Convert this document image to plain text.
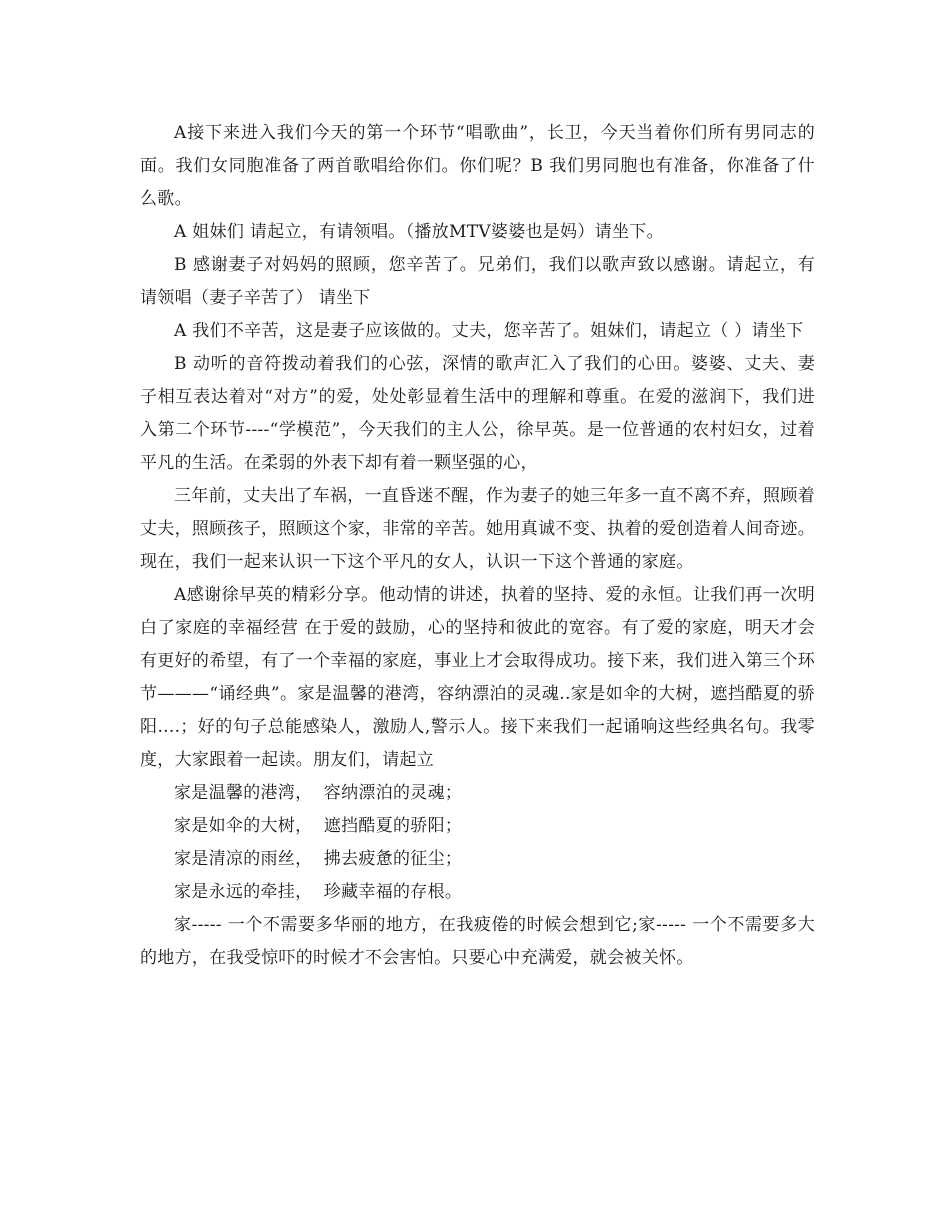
A接下来进入我们今天的第一个环节“唱歌曲”，长卫，今天当着你们所有男同志的面。我们女同胞准备了两首歌唱给你们。你们呢？B 我们男同胞也有准备，你准备了什么歌。

A 姐妹们 请起立，有请领唱。（播放MTV婆婆也是妈）请坐下。

B 感谢妻子对妈妈的照顾，您辛苦了。兄弟们，我们以歌声致以感谢。请起立，有请领唱（妻子辛苦了） 请坐下

A 我们不辛苦，这是妻子应该做的。丈夫，您辛苦了。姐妹们，请起立（ ）请坐下

B 动听的音符拨动着我们的心弦，深情的歌声汇入了我们的心田。婆婆、丈夫、妻子相互表达着对“对方”的爱，处处彰显着生活中的理解和尊重。在爱的滋润下，我们进入第二个环节----“学模范”，今天我们的主人公，徐早英。是一位普通的农村妇女，过着平凡的生活。在柔弱的外表下却有着一颗坚强的心，

三年前，丈夫出了车祸，一直昏迷不醒，作为妻子的她三年多一直不离不弃，照顾着丈夫，照顾孩子，照顾这个家，非常的辛苦。她用真诚不变、执着的爱创造着人间奇迹。现在，我们一起来认识一下这个平凡的女人，认识一下这个普通的家庭。

A感谢徐早英的精彩分享。他动情的讲述，执着的坚持、爱的永恒。让我们再一次明白了家庭的幸福经营 在于爱的鼓励，心的坚持和彼此的宽容。有了爱的家庭，明天才会有更好的希望，有了一个幸福的家庭，事业上才会取得成功。接下来，我们进入第三个环节———“诵经典”。家是温馨的港湾，容纳漂泊的灵魂..家是如伞的大树，遮挡酷夏的骄阳....；好的句子总能感染人，激励人,警示人。接下来我们一起诵响这些经典名句。我零度，大家跟着一起读。朋友们，请起立

家是温馨的港湾，  容纳漂泊的灵魂；

家是如伞的大树，  遮挡酷夏的骄阳；

家是清凉的雨丝，  拂去疲惫的征尘；

家是永远的牵挂，  珍藏幸福的存根。

家----- 一个不需要多华丽的地方，在我疲倦的时候会想到它;家----- 一个不需要多大的地方，在我受惊吓的时候才不会害怕。只要心中充满爱，就会被关怀。
